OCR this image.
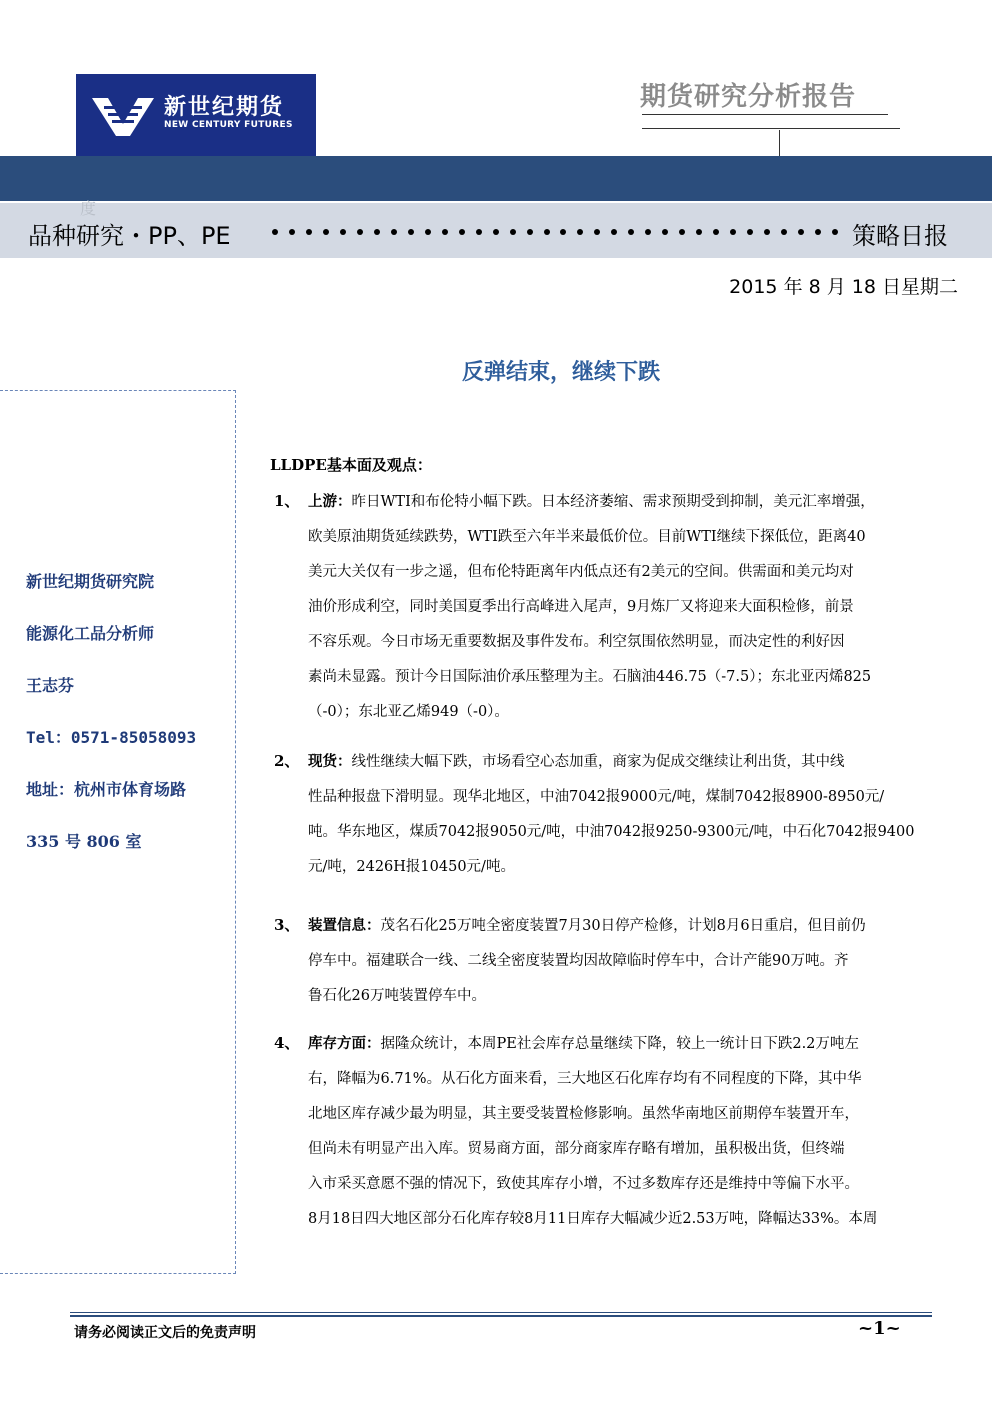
新世纪期货
NEW CENTURY FUTURES
期货研究分析报告
度
品种研究・PP、PE	策略日报
2015 年 8 月 18 日星期二
反弹结束，继续下跌
新世纪期货研究院
能源化工品分析师
王志芬
Tel：0571-85058093
地址：杭州市体育场路
335 号 806 室
LLDPE基本面及观点：
1、 上游：昨日WTI和布伦特小幅下跌。日本经济萎缩、需求预期受到抑制，美元汇率增强，
欧美原油期货延续跌势，WTI跌至六年半来最低价位。目前WTI继续下探低位，距离40
美元大关仅有一步之遥，但布伦特距离年内低点还有2美元的空间。供需面和美元均对
油价形成利空，同时美国夏季出行高峰进入尾声，9月炼厂又将迎来大面积检修，前景
不容乐观。今日市场无重要数据及事件发布。利空氛围依然明显，而决定性的利好因
素尚未显露。预计今日国际油价承压整理为主。石脑油446.75（-7.5）；东北亚丙烯825
（-0）；东北亚乙烯949（-0）。
2、 现货：线性继续大幅下跌，市场看空心态加重，商家为促成交继续让利出货，其中线
性品种报盘下滑明显。现华北地区，中油7042报9000元/吨，煤制7042报8900-8950元/
吨。华东地区，煤质7042报9050元/吨，中油7042报9250-9300元/吨，中石化7042报9400
元/吨，2426H报10450元/吨。
3、 装置信息：茂名石化25万吨全密度装置7月30日停产检修，计划8月6日重启，但目前仍
停车中。福建联合一线、二线全密度装置均因故障临时停车中，合计产能90万吨。齐
鲁石化26万吨装置停车中。
4、 库存方面：据隆众统计，本周PE社会库存总量继续下降，较上一统计日下跌2.2万吨左
右，降幅为6.71%。从石化方面来看，三大地区石化库存均有不同程度的下降，其中华
北地区库存减少最为明显，其主要受装置检修影响。虽然华南地区前期停车装置开车，
但尚未有明显产出入库。贸易商方面，部分商家库存略有增加，虽积极出货，但终端
入市采买意愿不强的情况下，致使其库存小增，不过多数库存还是维持中等偏下水平。
8月18日四大地区部分石化库存较8月11日库存大幅减少近2.53万吨，降幅达33%。本周
请务必阅读正文后的免责声明	~1~
